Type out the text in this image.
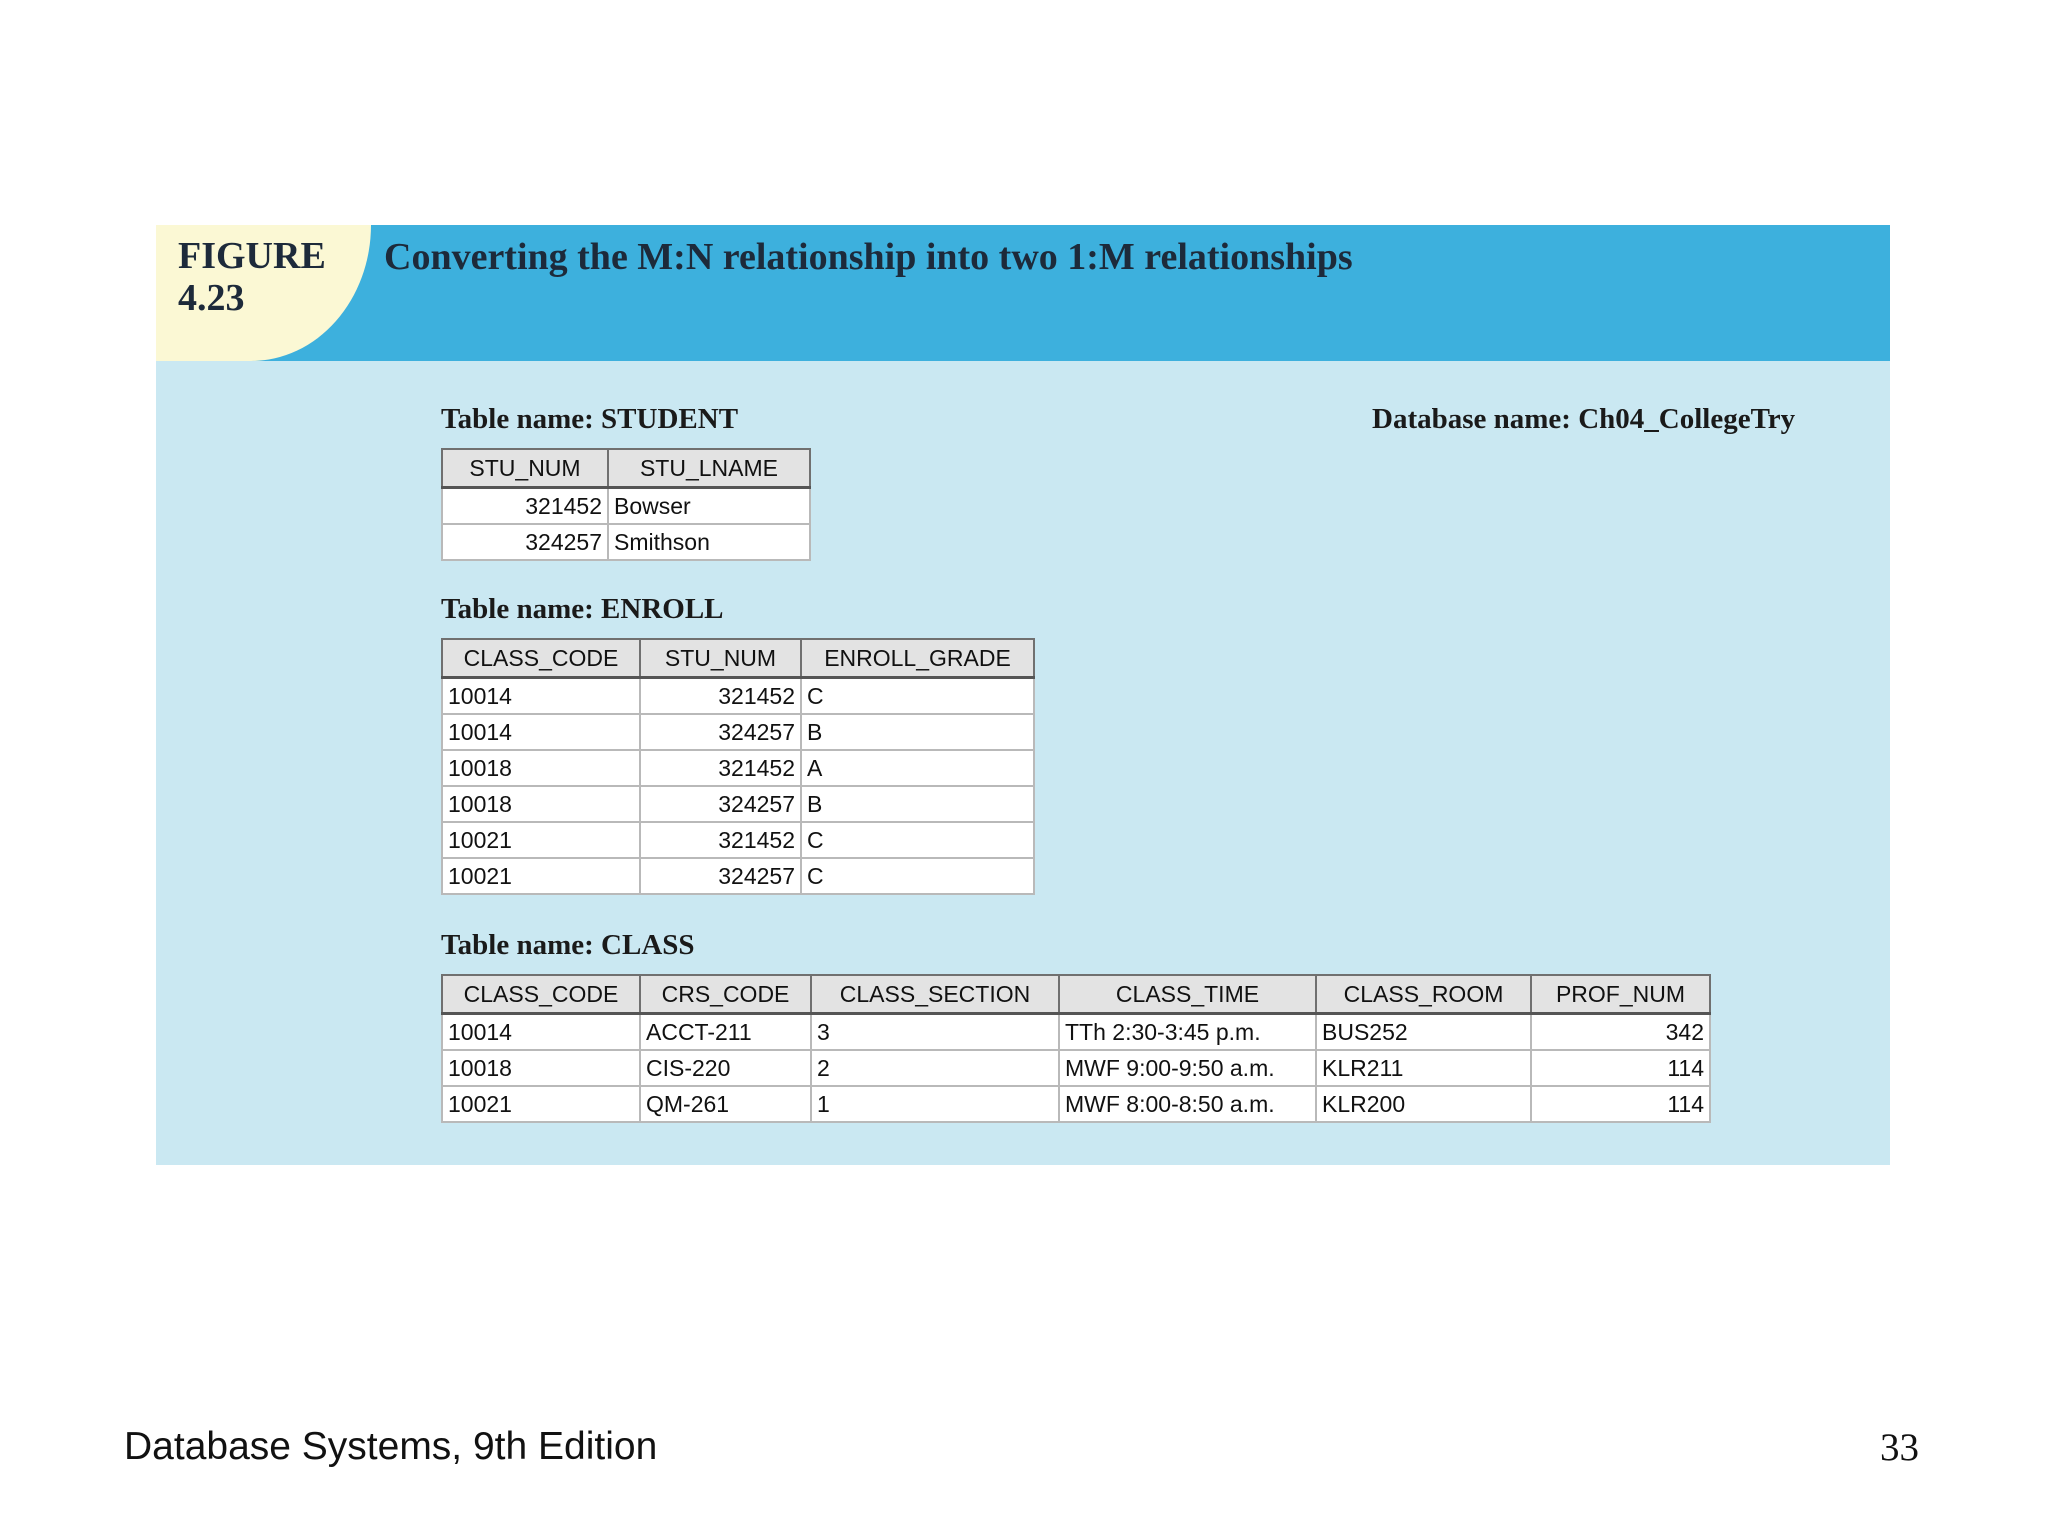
FIGURE
4.23
Converting the M:N relationship into two 1:M relationships
Table name: STUDENT	Database name: Ch04_CollegeTry
STU_NUM	STU_LNAME
321452	Bowser
324257	Smithson
Table name: ENROLL
CLASS_CODE	STU_NUM	ENROLL_GRADE
10014	321452	C
10014	324257	B
10018	321452	A
10018	324257	B
10021	321452	C
10021	324257	C
Table name: CLASS
CLASS_CODE	CRS_CODE	CLASS_SECTION	CLASS_TIME	CLASS_ROOM	PROF_NUM
10014	ACCT-211	3	TTh 2:30-3:45 p.m.	BUS252	342
10018	CIS-220	2	MWF 9:00-9:50 a.m.	KLR211	114
10021	QM-261	1	MWF 8:00-8:50 a.m.	KLR200	114
Database Systems, 9th Edition	33
